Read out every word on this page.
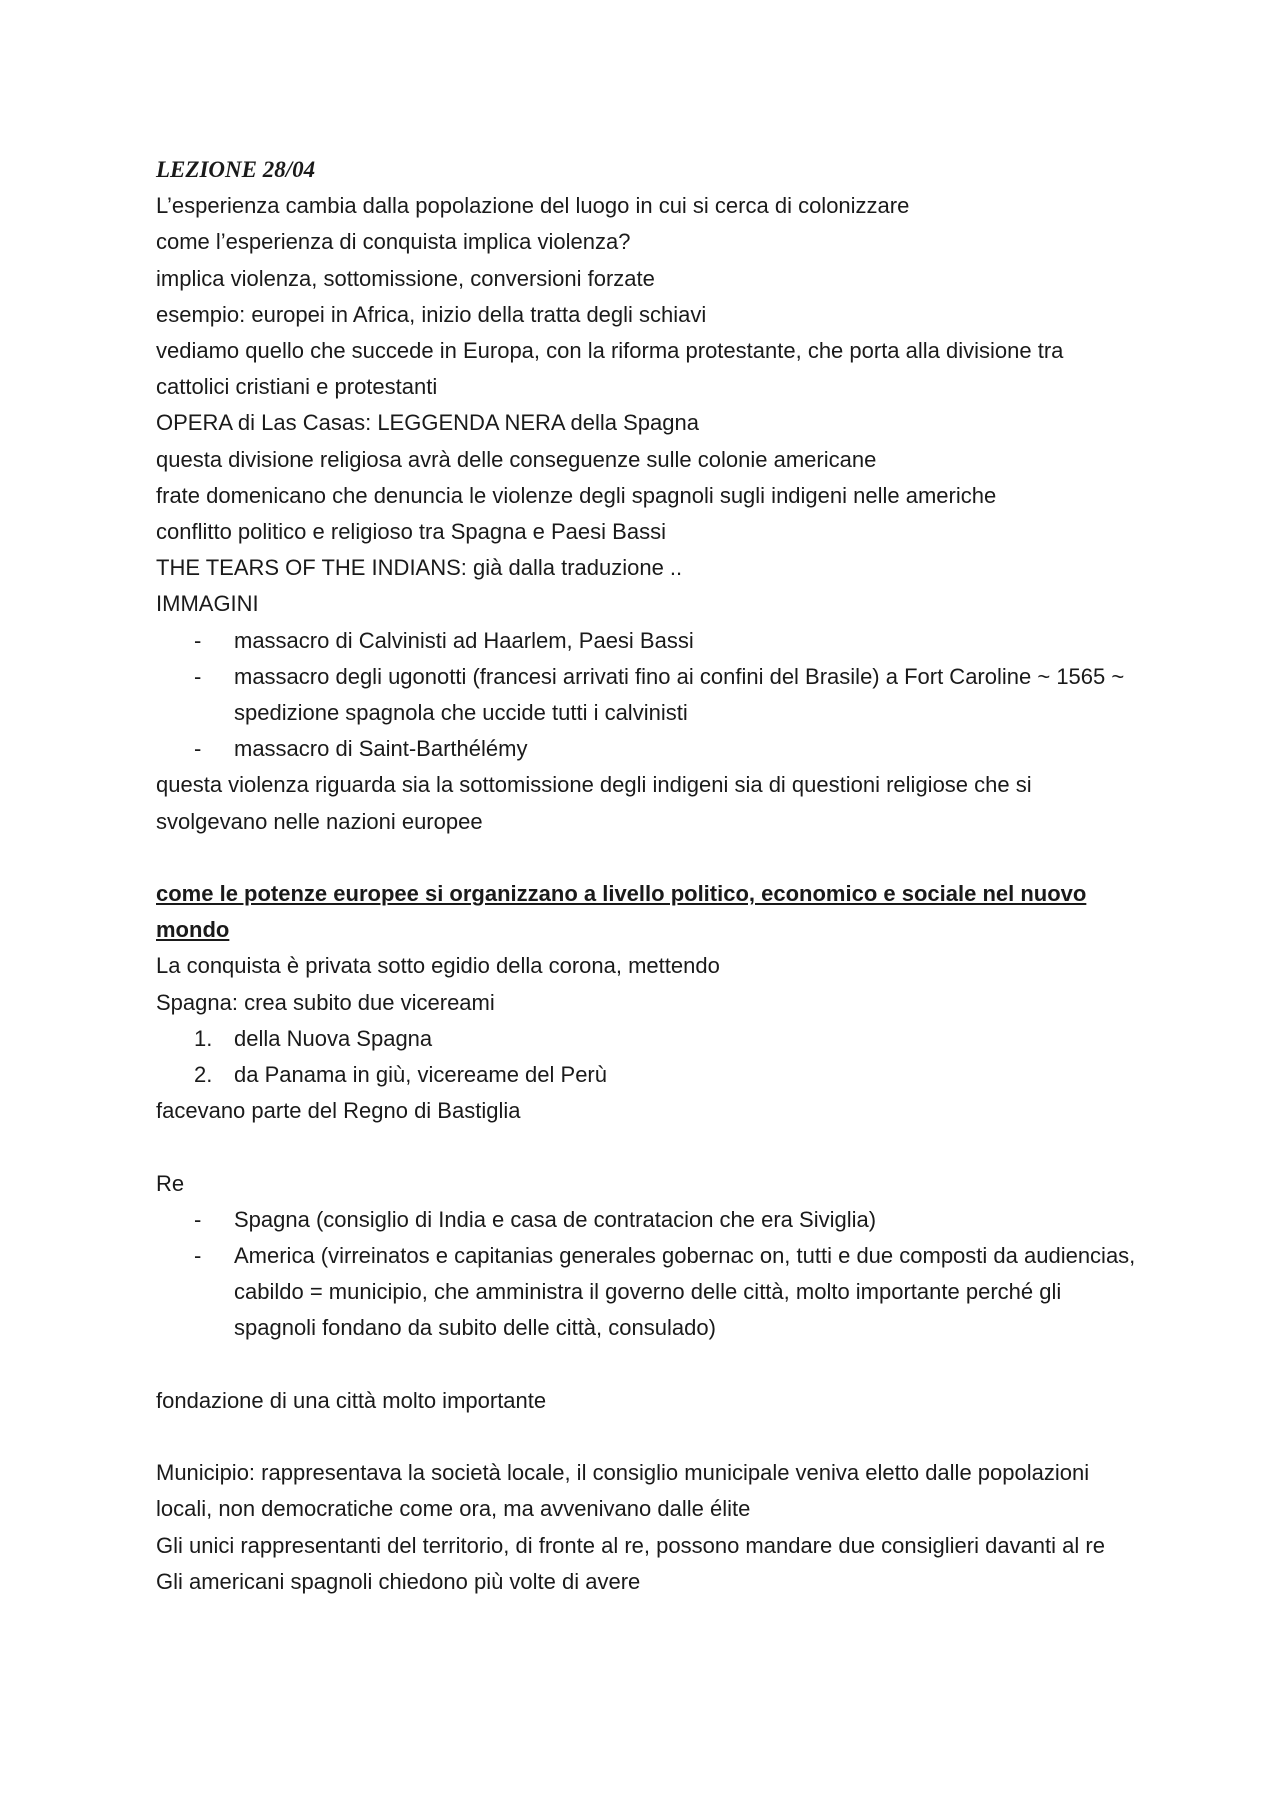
LEZIONE 28/04

L’esperienza cambia dalla popolazione del luogo in cui si cerca di colonizzare

come l’esperienza di conquista implica violenza?

implica violenza, sottomissione, conversioni forzate

esempio: europei in Africa, inizio della tratta degli schiavi

vediamo quello che succede in Europa, con la riforma protestante, che porta alla divisione tra cattolici cristiani e protestanti

OPERA di Las Casas: LEGGENDA NERA della Spagna

questa divisione religiosa avrà delle conseguenze sulle colonie americane

frate domenicano che denuncia le violenze degli spagnoli sugli indigeni nelle americhe

conflitto politico e religioso tra Spagna e Paesi Bassi

THE TEARS OF THE INDIANS: già dalla traduzione ..

IMMAGINI

-	massacro di Calvinisti ad Haarlem, Paesi Bassi

-	massacro degli ugonotti (francesi arrivati fino ai confini del Brasile) a Fort Caroline ~ 1565 ~ spedizione spagnola che uccide tutti i calvinisti

-	massacro di Saint-Barthélémy

questa violenza riguarda sia la sottomissione degli indigeni sia di questioni religiose che si svolgevano nelle nazioni europee

come le potenze europee si organizzano a livello politico, economico e sociale nel nuovo mondo

La conquista è privata sotto egidio della corona, mettendo

Spagna: crea subito due vicereami

1. della Nuova Spagna

2. da Panama in giù, vicereame del Perù

facevano parte del Regno di Bastiglia

Re

-	Spagna (consiglio di India e casa de contratacion che era Siviglia)

-	America (virreinatos e capitanias generales gobernac on, tutti e due composti da audiencias, cabildo = municipio, che amministra il governo delle città, molto importante perché gli spagnoli fondano da subito delle città, consulado)

fondazione di una città molto importante

Municipio: rappresentava la società locale, il consiglio municipale veniva eletto dalle popolazioni locali, non democratiche come ora, ma avvenivano dalle élite

Gli unici rappresentanti del territorio, di fronte al re, possono mandare due consiglieri davanti al re

Gli americani spagnoli chiedono più volte di avere
